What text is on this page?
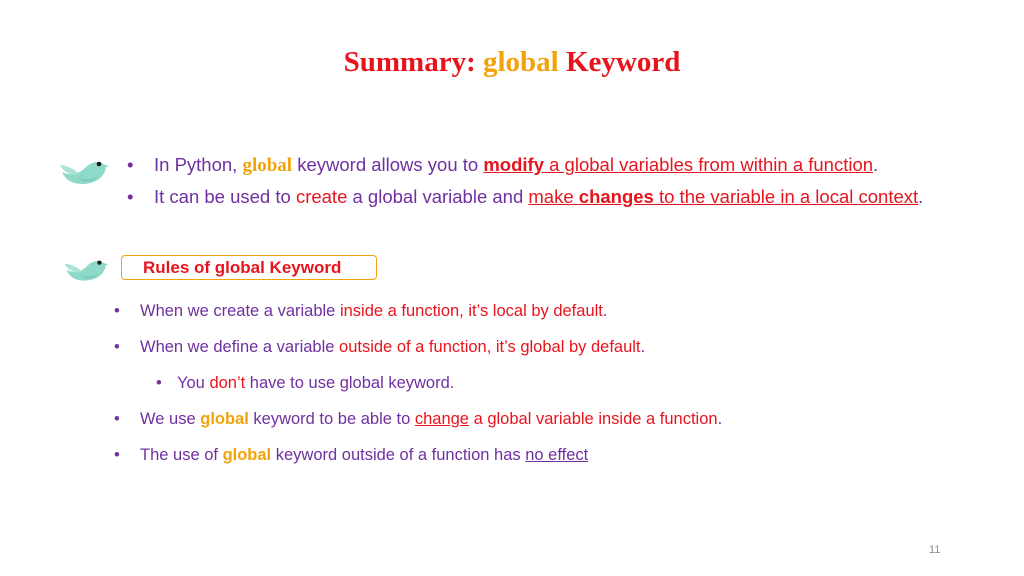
Summary: global Keyword
• In Python, global keyword allows you to modify a global variables from within a function.
• It can be used to create a global variable and make changes to the variable in a local context.
Rules of global Keyword
• When we create a variable inside a function, it’s local by default.
• When we define a variable outside of a function, it’s global by default.
• You don’t have to use global keyword.
• We use global keyword to be able to change a global variable inside a function.
• The use of global keyword outside of a function has no effect
11
